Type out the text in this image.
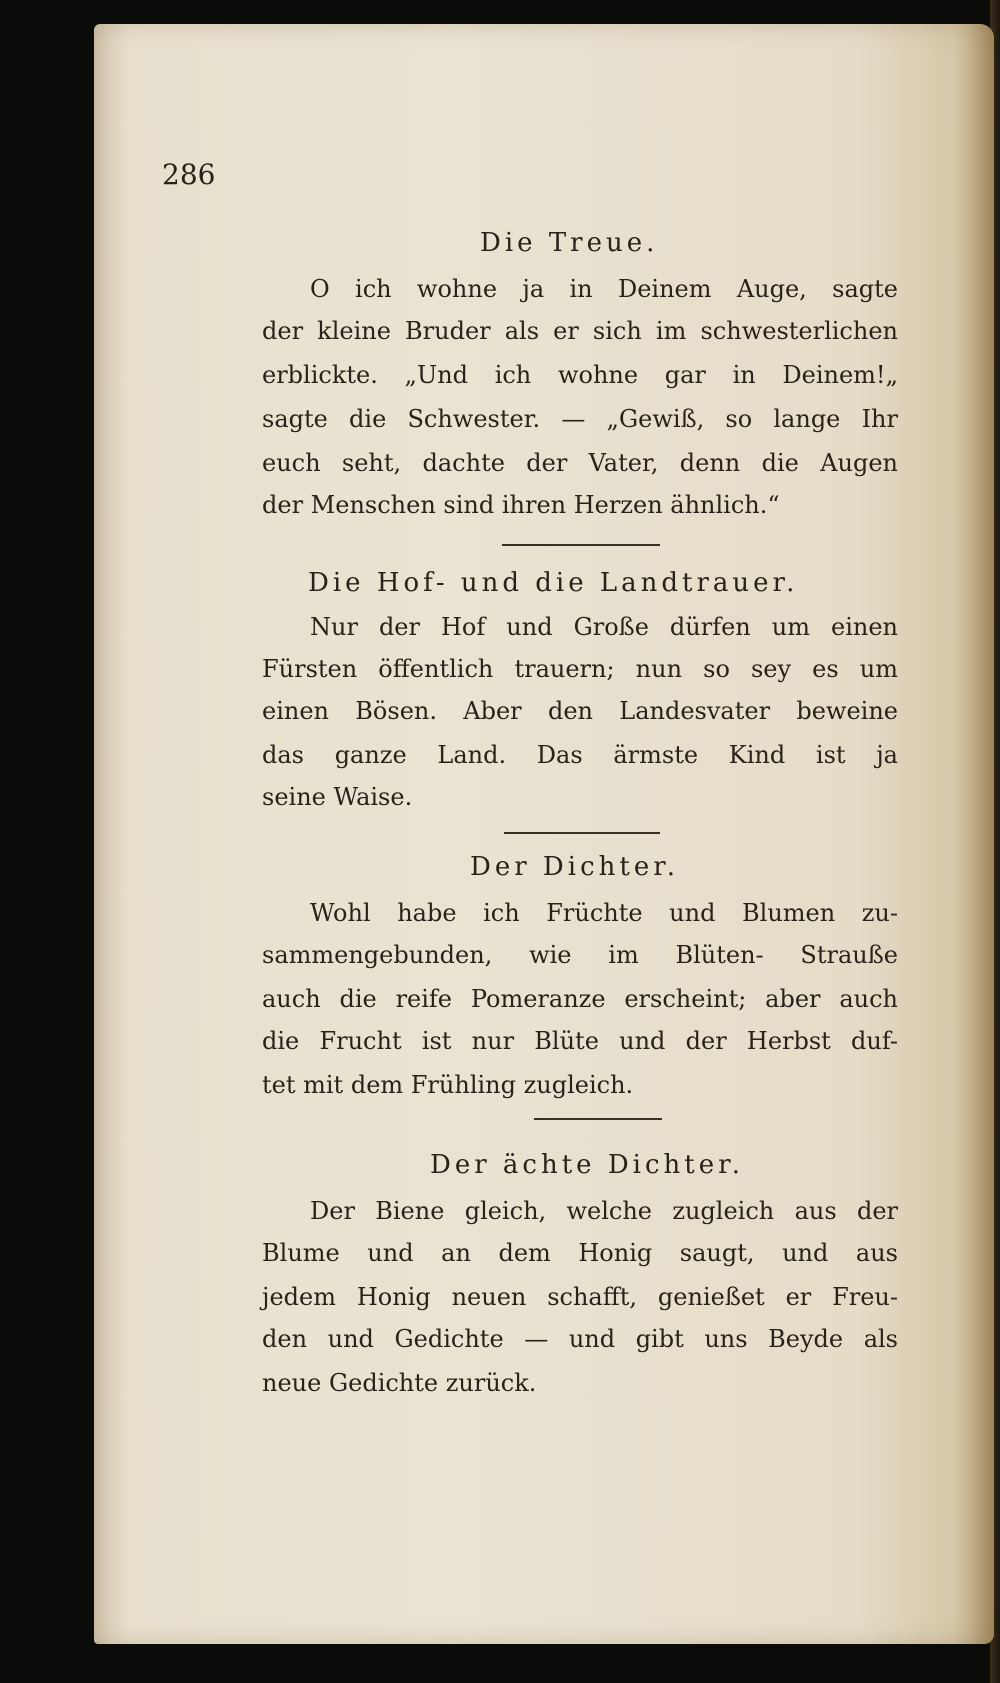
286
Die Treue.
O ich wohne ja in Deinem Auge, sagte
der kleine Bruder als er sich im schwesterlichen
erblickte. „Und ich wohne gar in Deinem!„
sagte die Schwester. — „Gewiß, so lange Ihr
euch seht, dachte der Vater, denn die Augen
der Menschen sind ihren Herzen ähnlich.“
Die Hof- und die Landtrauer.
Nur der Hof und Große dürfen um einen
Fürsten öffentlich trauern; nun so sey es um
einen Bösen. Aber den Landesvater beweine
das ganze Land. Das ärmste Kind ist ja
seine Waise.
Der Dichter.
Wohl habe ich Früchte und Blumen zu-
sammengebunden, wie im Blüten- Strauße
auch die reife Pomeranze erscheint; aber auch
die Frucht ist nur Blüte und der Herbst duf-
tet mit dem Frühling zugleich.
Der ächte Dichter.
Der Biene gleich, welche zugleich aus der
Blume und an dem Honig saugt, und aus
jedem Honig neuen schafft, genießet er Freu-
den und Gedichte — und gibt uns Beyde als
neue Gedichte zurück.
